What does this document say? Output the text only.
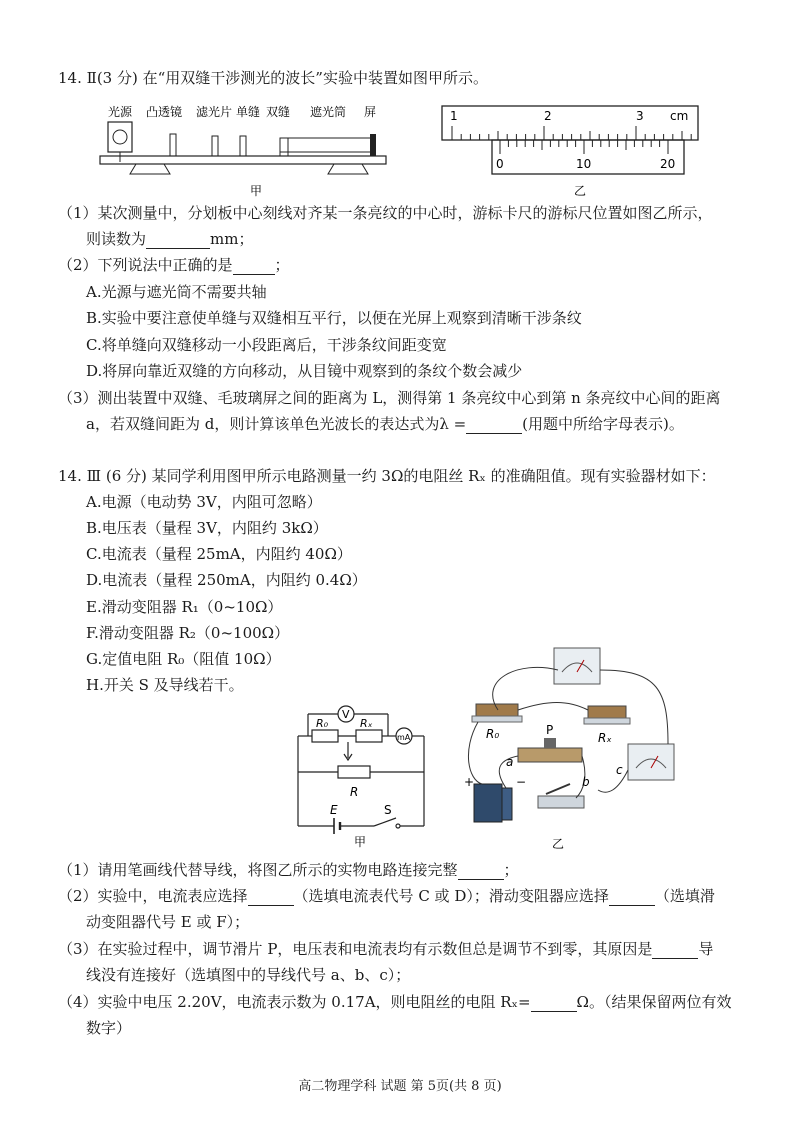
14. Ⅱ(3 分) 在“用双缝干涉测光的波长”实验中装置如图甲所示。
光源 凸透镜 滤光片 单缝 双缝 遮光筒 屏
甲
1	2	3 cm
0	10	20
乙
（1）某次测量中，分划板中心刻线对齐某一条亮纹的中心时，游标卡尺的游标尺位置如图乙所示，
则读数为	mm；
（2）下列说法中正确的是	；
A.光源与遮光筒不需要共轴
B.实验中要注意使单缝与双缝相互平行，以便在光屏上观察到清晰干涉条纹
C.将单缝向双缝移动一小段距离后，干涉条纹间距变宽
D.将屏向靠近双缝的方向移动，从目镜中观察到的条纹个数会减少
（3）测出装置中双缝、毛玻璃屏之间的距离为 L，测得第 1 条亮纹中心到第 n 条亮纹中心间的距离
a，若双缝间距为 d，则计算该单色光波长的表达式为λ =	(用题中所给字母表示)。
14. Ⅲ (6 分) 某同学利用图甲所示电路测量一约 3Ω的电阻丝 Rₓ 的准确阻值。现有实验器材如下：
A.电源（电动势 3V，内阻可忽略）
B.电压表（量程 3V，内阻约 3kΩ）
C.电流表（量程 25mA，内阻约 40Ω）
D.电流表（量程 250mA，内阻约 0.4Ω）
E.滑动变阻器 R₁（0~10Ω）
F.滑动变阻器 R₂（0~100Ω）
G.定值电阻 R₀（阻值 10Ω）
H.开关 S 及导线若干。
V
R₀	Rₓ
mA
R
E	S
甲
R₀	Rₓ
P
a
b
c
+	−
乙
（1）请用笔画线代替导线，将图乙所示的实物电路连接完整	；
（2）实验中，电流表应选择	（选填电流表代号 C 或 D）；滑动变阻器应选择	（选填滑
动变阻器代号 E 或 F）；
（3）在实验过程中，调节滑片 P，电压表和电流表均有示数但总是调节不到零，其原因是	导
线没有连接好（选填图中的导线代号 a、b、c）；
（4）实验中电压 2.20V，电流表示数为 0.17A，则电阻丝的电阻 Rₓ=	Ω。（结果保留两位有效
数字）
高二物理学科 试题 第 5页(共 8 页)
